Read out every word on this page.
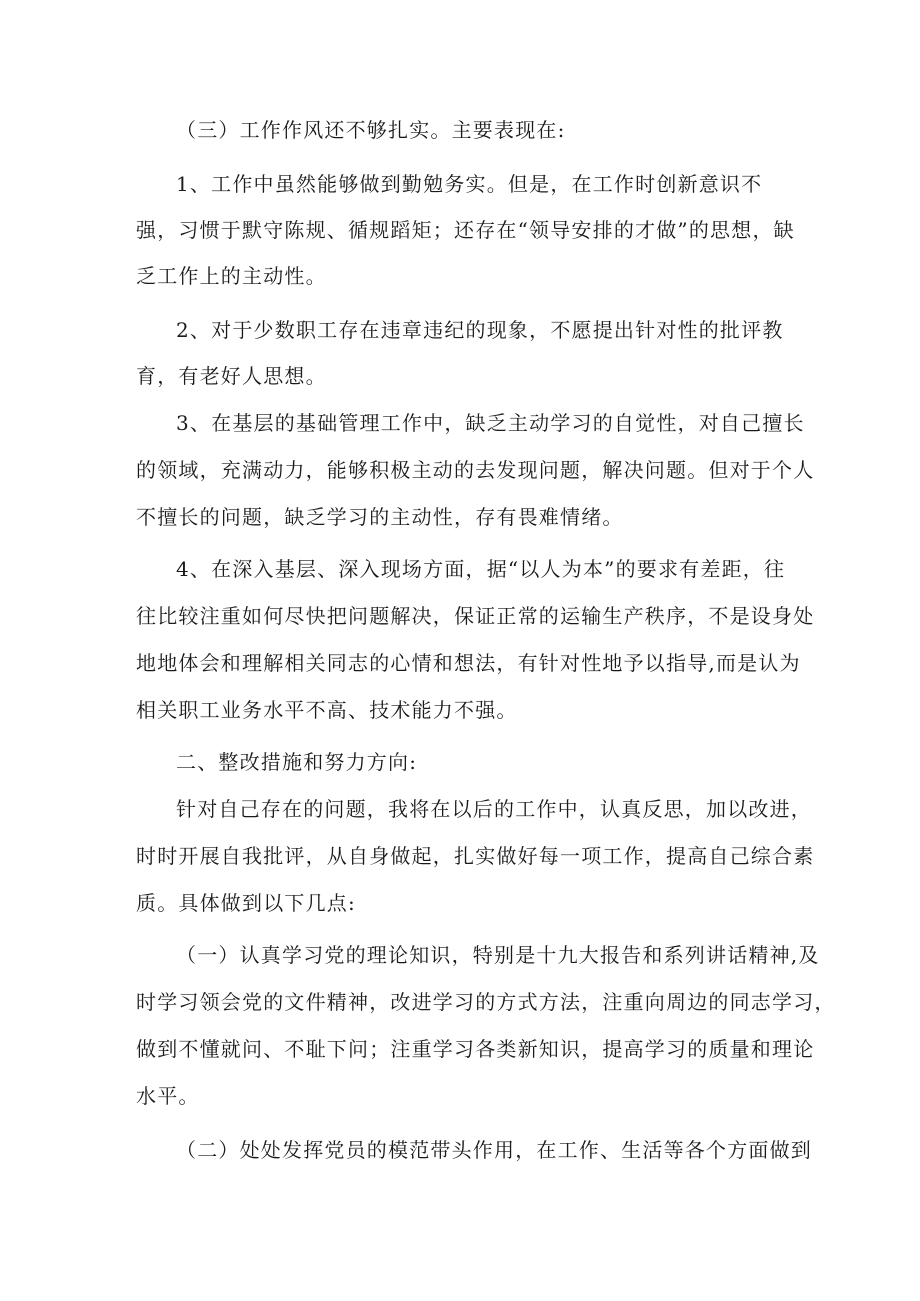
（三）工作作风还不够扎实。主要表现在:
1、工作中虽然能够做到勤勉务实。但是，在工作时创新意识不
强，习惯于默守陈规、循规蹈矩；还存在“领导安排的才做”的思想，缺
乏工作上的主动性。
2、对于少数职工存在违章违纪的现象，不愿提出针对性的批评教
育，有老好人思想。
3、在基层的基础管理工作中，缺乏主动学习的自觉性，对自己擅长
的领域，充满动力，能够积极主动的去发现问题，解决问题。但对于个人
不擅长的问题，缺乏学习的主动性，存有畏难情绪。
4、在深入基层、深入现场方面，据“以人为本”的要求有差距，往
往比较注重如何尽快把问题解决，保证正常的运输生产秩序，不是设身处
地地体会和理解相关同志的心情和想法，有针对性地予以指导,而是认为
相关职工业务水平不高、技术能力不强。
二、整改措施和努力方向:
针对自己存在的问题，我将在以后的工作中，认真反思，加以改进，
时时开展自我批评，从自身做起，扎实做好每一项工作，提高自己综合素
质。具体做到以下几点:
（一）认真学习党的理论知识，特别是十九大报告和系列讲话精神,及
时学习领会党的文件精神，改进学习的方式方法，注重向周边的同志学习，
做到不懂就问、不耻下问；注重学习各类新知识，提高学习的质量和理论
水平。
（二）处处发挥党员的模范带头作用，在工作、生活等各个方面做到
